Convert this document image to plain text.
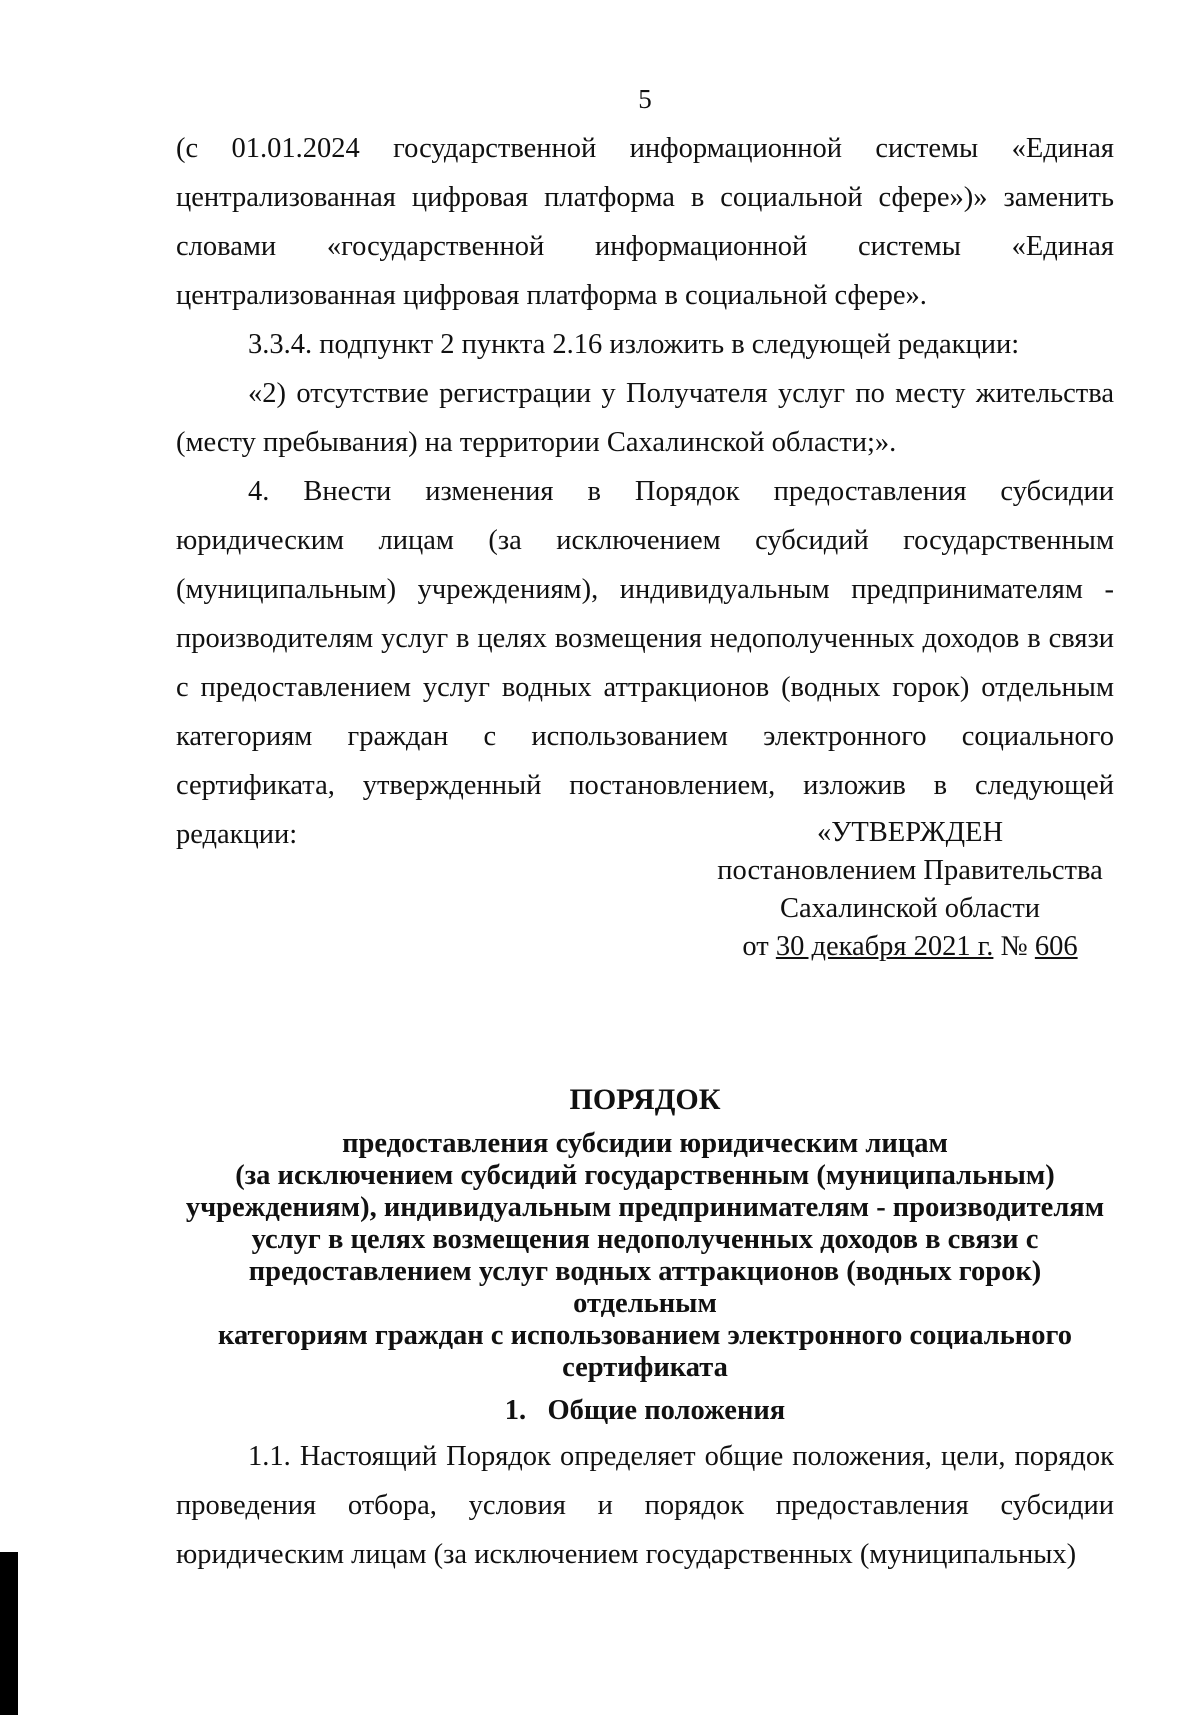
5

(с 01.01.2024 государственной информационной системы «Единая централизованная цифровая платформа в социальной сфере»)» заменить словами «государственной информационной системы «Единая централизованная цифровая платформа в социальной сфере».

3.3.4. подпункт 2 пункта 2.16 изложить в следующей редакции:

«2) отсутствие регистрации у Получателя услуг по месту жительства (месту пребывания) на территории Сахалинской области;».

4. Внести изменения в Порядок предоставления субсидии юридическим лицам (за исключением субсидий государственным (муниципальным) учреждениям), индивидуальным предпринимателям - производителям услуг в целях возмещения недополученных доходов в связи с предоставлением услуг водных аттракционов (водных горок) отдельным категориям граждан с использованием электронного социального сертификата, утвержденный постановлением, изложив в следующей редакции:	«УТВЕРЖДЕН
постановлением Правительства
Сахалинской области
от 30 декабря 2021 г. № 606
ПОРЯДОК
предоставления субсидии юридическим лицам
(за исключением субсидий государственным (муниципальным)
учреждениям), индивидуальным предпринимателям - производителям
услуг в целях возмещения недополученных доходов в связи с
предоставлением услуг водных аттракционов (водных горок) отдельным
категориям граждан с использованием электронного социального
сертификата
1.   Общие положения

1.1. Настоящий Порядок определяет общие положения, цели, порядок проведения отбора, условия и порядок предоставления субсидии юридическим лицам (за исключением государственных (муниципальных)
